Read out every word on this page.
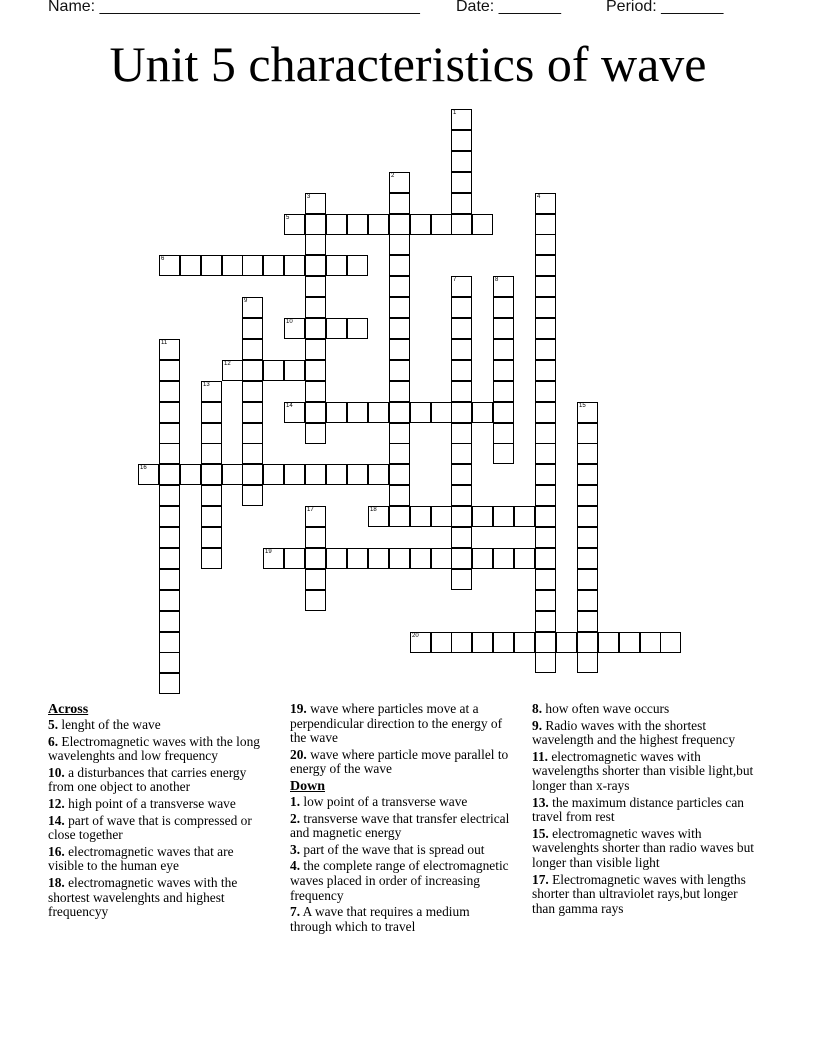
Name: ____________________________________ Date: _______	Period: _______
Unit 5 characteristics of wave
1
2
3	4
5
6
7	8
9
10
11
12
13
14	15
16
17	18
19
20
Across
5. lenght of the wave
6. Electromagnetic waves with the long wavelenghts and low frequency
10. a disturbances that carries energy from one object to another
12. high point of a transverse wave
14. part of wave that is compressed or close together
16. electromagnetic waves that are visible to the human eye
18. electromagnetic waves with the shortest wavelenghts and highest frequencyy
19. wave where particles move at a perpendicular direction to the energy of the wave
20. wave where particle move parallel to energy of the wave
Down
1. low point of a transverse wave
2. transverse wave that transfer electrical and magnetic energy
3. part of the wave that is spread out
4. the complete range of electromagnetic waves placed in order of increasing frequency
7. A wave that requires a medium through which to travel
8. how often wave occurs
9. Radio waves with the shortest wavelength and the highest frequency
11. electromagnetic waves with wavelengths shorter than visible light,but longer than x-rays
13. the maximum distance particles can travel from rest
15. electromagnetic waves with wavelenghts shorter than radio waves but longer than visible light
17. Electromagnetic waves with lengths shorter than ultraviolet rays,but longer than gamma rays
